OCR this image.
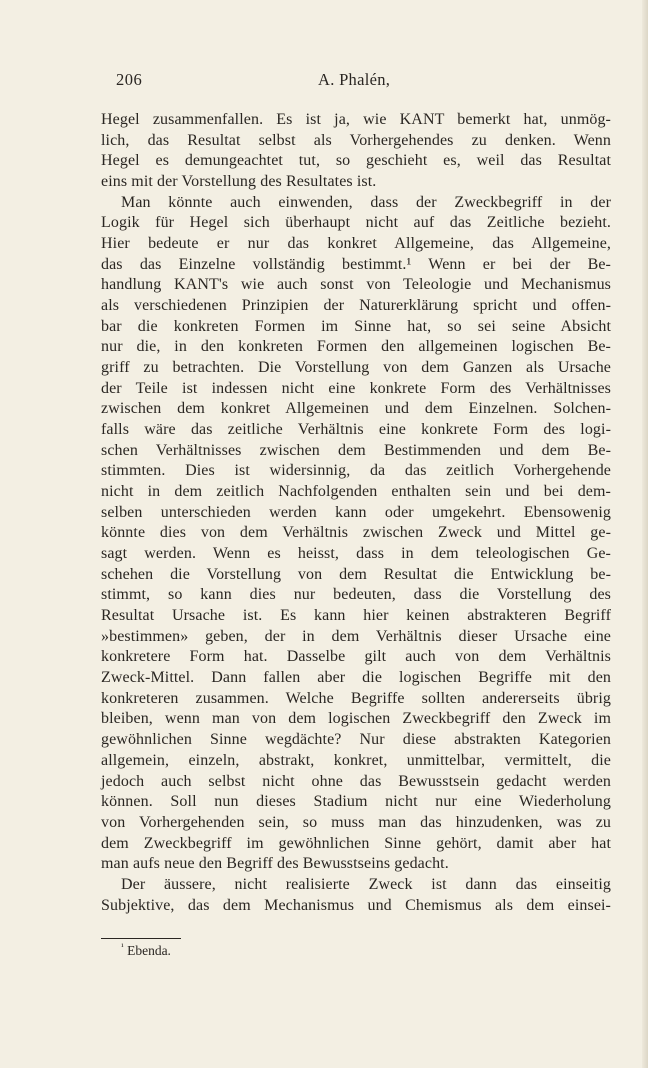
206	A. Phalén,
Hegel zusammenfallen. Es ist ja, wie KANT bemerkt hat, unmög-
lich, das Resultat selbst als Vorhergehendes zu denken. Wenn
Hegel es demungeachtet tut, so geschieht es, weil das Resultat
eins mit der Vorstellung des Resultates ist.
Man könnte auch einwenden, dass der Zweckbegriff in der
Logik für Hegel sich überhaupt nicht auf das Zeitliche bezieht.
Hier bedeute er nur das konkret Allgemeine, das Allgemeine,
das das Einzelne vollständig bestimmt.¹ Wenn er bei der Be-
handlung KANT's wie auch sonst von Teleologie und Mechanismus
als verschiedenen Prinzipien der Naturerklärung spricht und offen-
bar die konkreten Formen im Sinne hat, so sei seine Absicht
nur die, in den konkreten Formen den allgemeinen logischen Be-
griff zu betrachten. Die Vorstellung von dem Ganzen als Ursache
der Teile ist indessen nicht eine konkrete Form des Verhältnisses
zwischen dem konkret Allgemeinen und dem Einzelnen. Solchen-
falls wäre das zeitliche Verhältnis eine konkrete Form des logi-
schen Verhältnisses zwischen dem Bestimmenden und dem Be-
stimmten. Dies ist widersinnig, da das zeitlich Vorhergehende
nicht in dem zeitlich Nachfolgenden enthalten sein und bei dem-
selben unterschieden werden kann oder umgekehrt. Ebensowenig
könnte dies von dem Verhältnis zwischen Zweck und Mittel ge-
sagt werden. Wenn es heisst, dass in dem teleologischen Ge-
schehen die Vorstellung von dem Resultat die Entwicklung be-
stimmt, so kann dies nur bedeuten, dass die Vorstellung des
Resultat Ursache ist. Es kann hier keinen abstrakteren Begriff
»bestimmen» geben, der in dem Verhältnis dieser Ursache eine
konkretere Form hat. Dasselbe gilt auch von dem Verhältnis
Zweck-Mittel. Dann fallen aber die logischen Begriffe mit den
konkreteren zusammen. Welche Begriffe sollten andererseits übrig
bleiben, wenn man von dem logischen Zweckbegriff den Zweck im
gewöhnlichen Sinne wegdächte? Nur diese abstrakten Kategorien
allgemein, einzeln, abstrakt, konkret, unmittelbar, vermittelt, die
jedoch auch selbst nicht ohne das Bewusstsein gedacht werden
können. Soll nun dieses Stadium nicht nur eine Wiederholung
von Vorhergehenden sein, so muss man das hinzudenken, was zu
dem Zweckbegriff im gewöhnlichen Sinne gehört, damit aber hat
man aufs neue den Begriff des Bewusstseins gedacht.
Der äussere, nicht realisierte Zweck ist dann das einseitig
Subjektive, das dem Mechanismus und Chemismus als dem einsei-
$^{^1}$ Ebenda.
